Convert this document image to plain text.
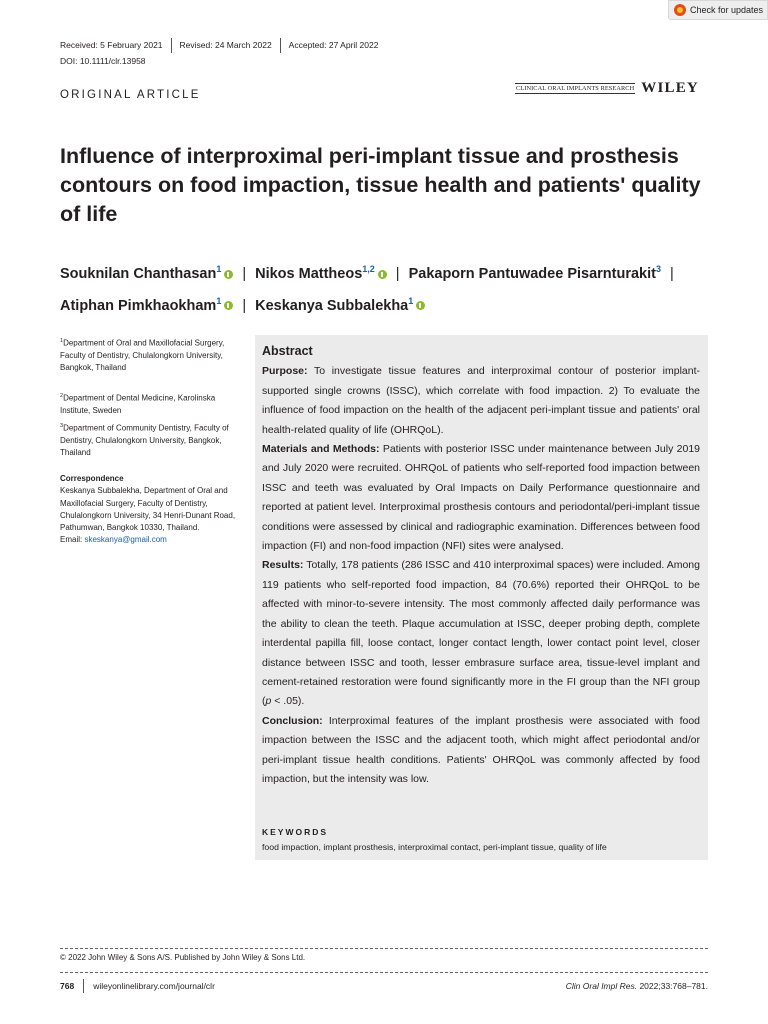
Check for updates
Received: 5 February 2021 Revised: 24 March 2022 Accepted: 27 April 2022
DOI: 10.1111/clr.13958
ORIGINAL ARTICLE
CLINICAL ORAL IMPLANTS RESEARCH WILEY
Influence of interproximal peri-implant tissue and prosthesis contours on food impaction, tissue health and patients' quality of life
Souknilan Chanthasan$^1$ | Nikos Mattheos$^{1,2}$ | Pakaporn Pantuwadee Pisarnturakit$^3$ |
Atiphan Pimkhaokham$^1$ | Keskanya Subbalekha$^1$
$^1$Department of Oral and Maxillofacial Surgery, Faculty of Dentistry, Chulalongkorn University, Bangkok, Thailand
$^2$Department of Dental Medicine, Karolinska Institute, Sweden
$^3$Department of Community Dentistry, Faculty of Dentistry, Chulalongkorn University, Bangkok, Thailand
Correspondence
Keskanya Subbalekha, Department of Oral and Maxillofacial Surgery, Faculty of Dentistry, Chulalongkorn University, 34 Henri-Dunant Road, Pathumwan, Bangkok 10330, Thailand.
Email: skeskanya@gmail.com
Abstract

Purpose: To investigate tissue features and interproximal contour of posterior implant-supported single crowns (ISSC), which correlate with food impaction. 2) To evaluate the influence of food impaction on the health of the adjacent peri-implant tissue and patients' oral health-related quality of life (OHRQoL).

Materials and Methods: Patients with posterior ISSC under maintenance between July 2019 and July 2020 were recruited. OHRQoL of patients who self-reported food impaction between ISSC and teeth was evaluated by Oral Impacts on Daily Performance questionnaire and reported at patient level. Interproximal prosthesis contours and periodontal/peri-implant tissue conditions were assessed by clinical and radiographic examination. Differences between food impaction (FI) and non-food impaction (NFI) sites were analysed.

Results: Totally, 178 patients (286 ISSC and 410 interproximal spaces) were included. Among 119 patients who self-reported food impaction, 84 (70.6%) reported their OHRQoL to be affected with minor-to-severe intensity. The most commonly affected daily performance was the ability to clean the teeth. Plaque accumulation at ISSC, deeper probing depth, complete interdental papilla fill, loose contact, longer contact length, lower contact point level, closer distance between ISSC and tooth, lesser embrasure surface area, tissue-level implant and cement-retained restoration were found significantly more in the FI group than the NFI group (p < .05).

Conclusion: Interproximal features of the implant prosthesis were associated with food impaction between the ISSC and the adjacent tooth, which might affect periodontal and/or peri-implant tissue health conditions. Patients' OHRQoL was commonly affected by food impaction, but the intensity was low.

KEYWORDS
food impaction, implant prosthesis, interproximal contact, peri-implant tissue, quality of life
© 2022 John Wiley & Sons A/S. Published by John Wiley & Sons Ltd.
768 wileyonlinelibrary.com/journal/clr	Clin Oral Impl Res. 2022;33:768–781.
